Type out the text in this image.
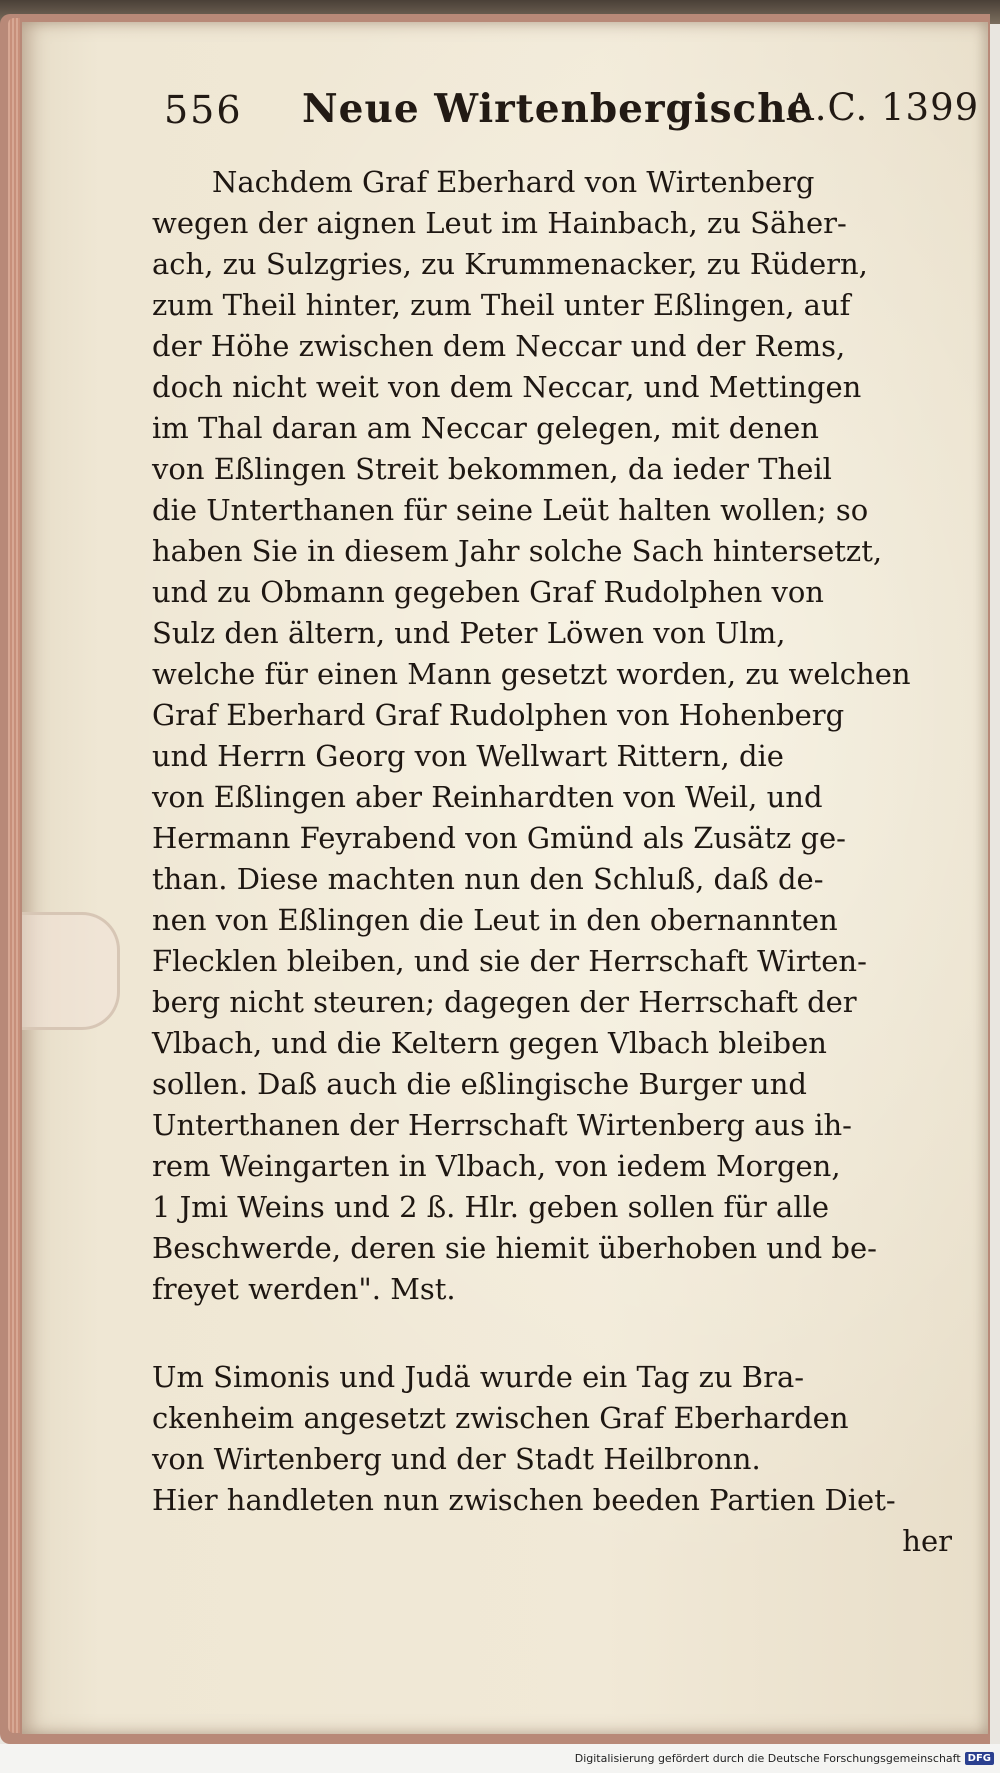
556 Neue Wirtenbergische
A.C. 1399
Nachdem Graf Eberhard von Wirtenberg
wegen der aignen Leut im Hainbach, zu Säher-
ach, zu Sulzgries, zu Krummenacker, zu Rüdern,
zum Theil hinter, zum Theil unter Eßlingen, auf
der Höhe zwischen dem Neccar und der Rems,
doch nicht weit von dem Neccar, und Mettingen
im Thal daran am Neccar gelegen, mit denen
von Eßlingen Streit bekommen, da ieder Theil
die Unterthanen für seine Leüt halten wollen; so
haben Sie in diesem Jahr solche Sach hintersetzt,
und zu Obmann gegeben Graf Rudolphen von
Sulz den ältern, und Peter Löwen von Ulm,
welche für einen Mann gesetzt worden, zu welchen
Graf Eberhard Graf Rudolphen von Hohenberg
und Herrn Georg von Wellwart Rittern, die
von Eßlingen aber Reinhardten von Weil, und
Hermann Feyrabend von Gmünd als Zusätz ge-
than. Diese machten nun den Schluß, daß de-
nen von Eßlingen die Leut in den obernannten
Flecklen bleiben, und sie der Herrschaft Wirten-
berg nicht steuren; dagegen der Herrschaft der
Vlbach, und die Keltern gegen Vlbach bleiben
sollen. Daß auch die eßlingische Burger und
Unterthanen der Herrschaft Wirtenberg aus ih-
rem Weingarten in Vlbach, von iedem Morgen,
1 Jmi Weins und 2 ß. Hlr. geben sollen für alle
Beschwerde, deren sie hiemit überhoben und be-
freyet werden". Mst.
Um Simonis und Judä wurde ein Tag zu Bra-
ckenheim angesetzt zwischen Graf Eberharden
von Wirtenberg und der Stadt Heilbronn.
Hier handleten nun zwischen beeden Partien Diet-
her
Digitalisierung gefördert durch die Deutsche Forschungsgemeinschaft DFG
